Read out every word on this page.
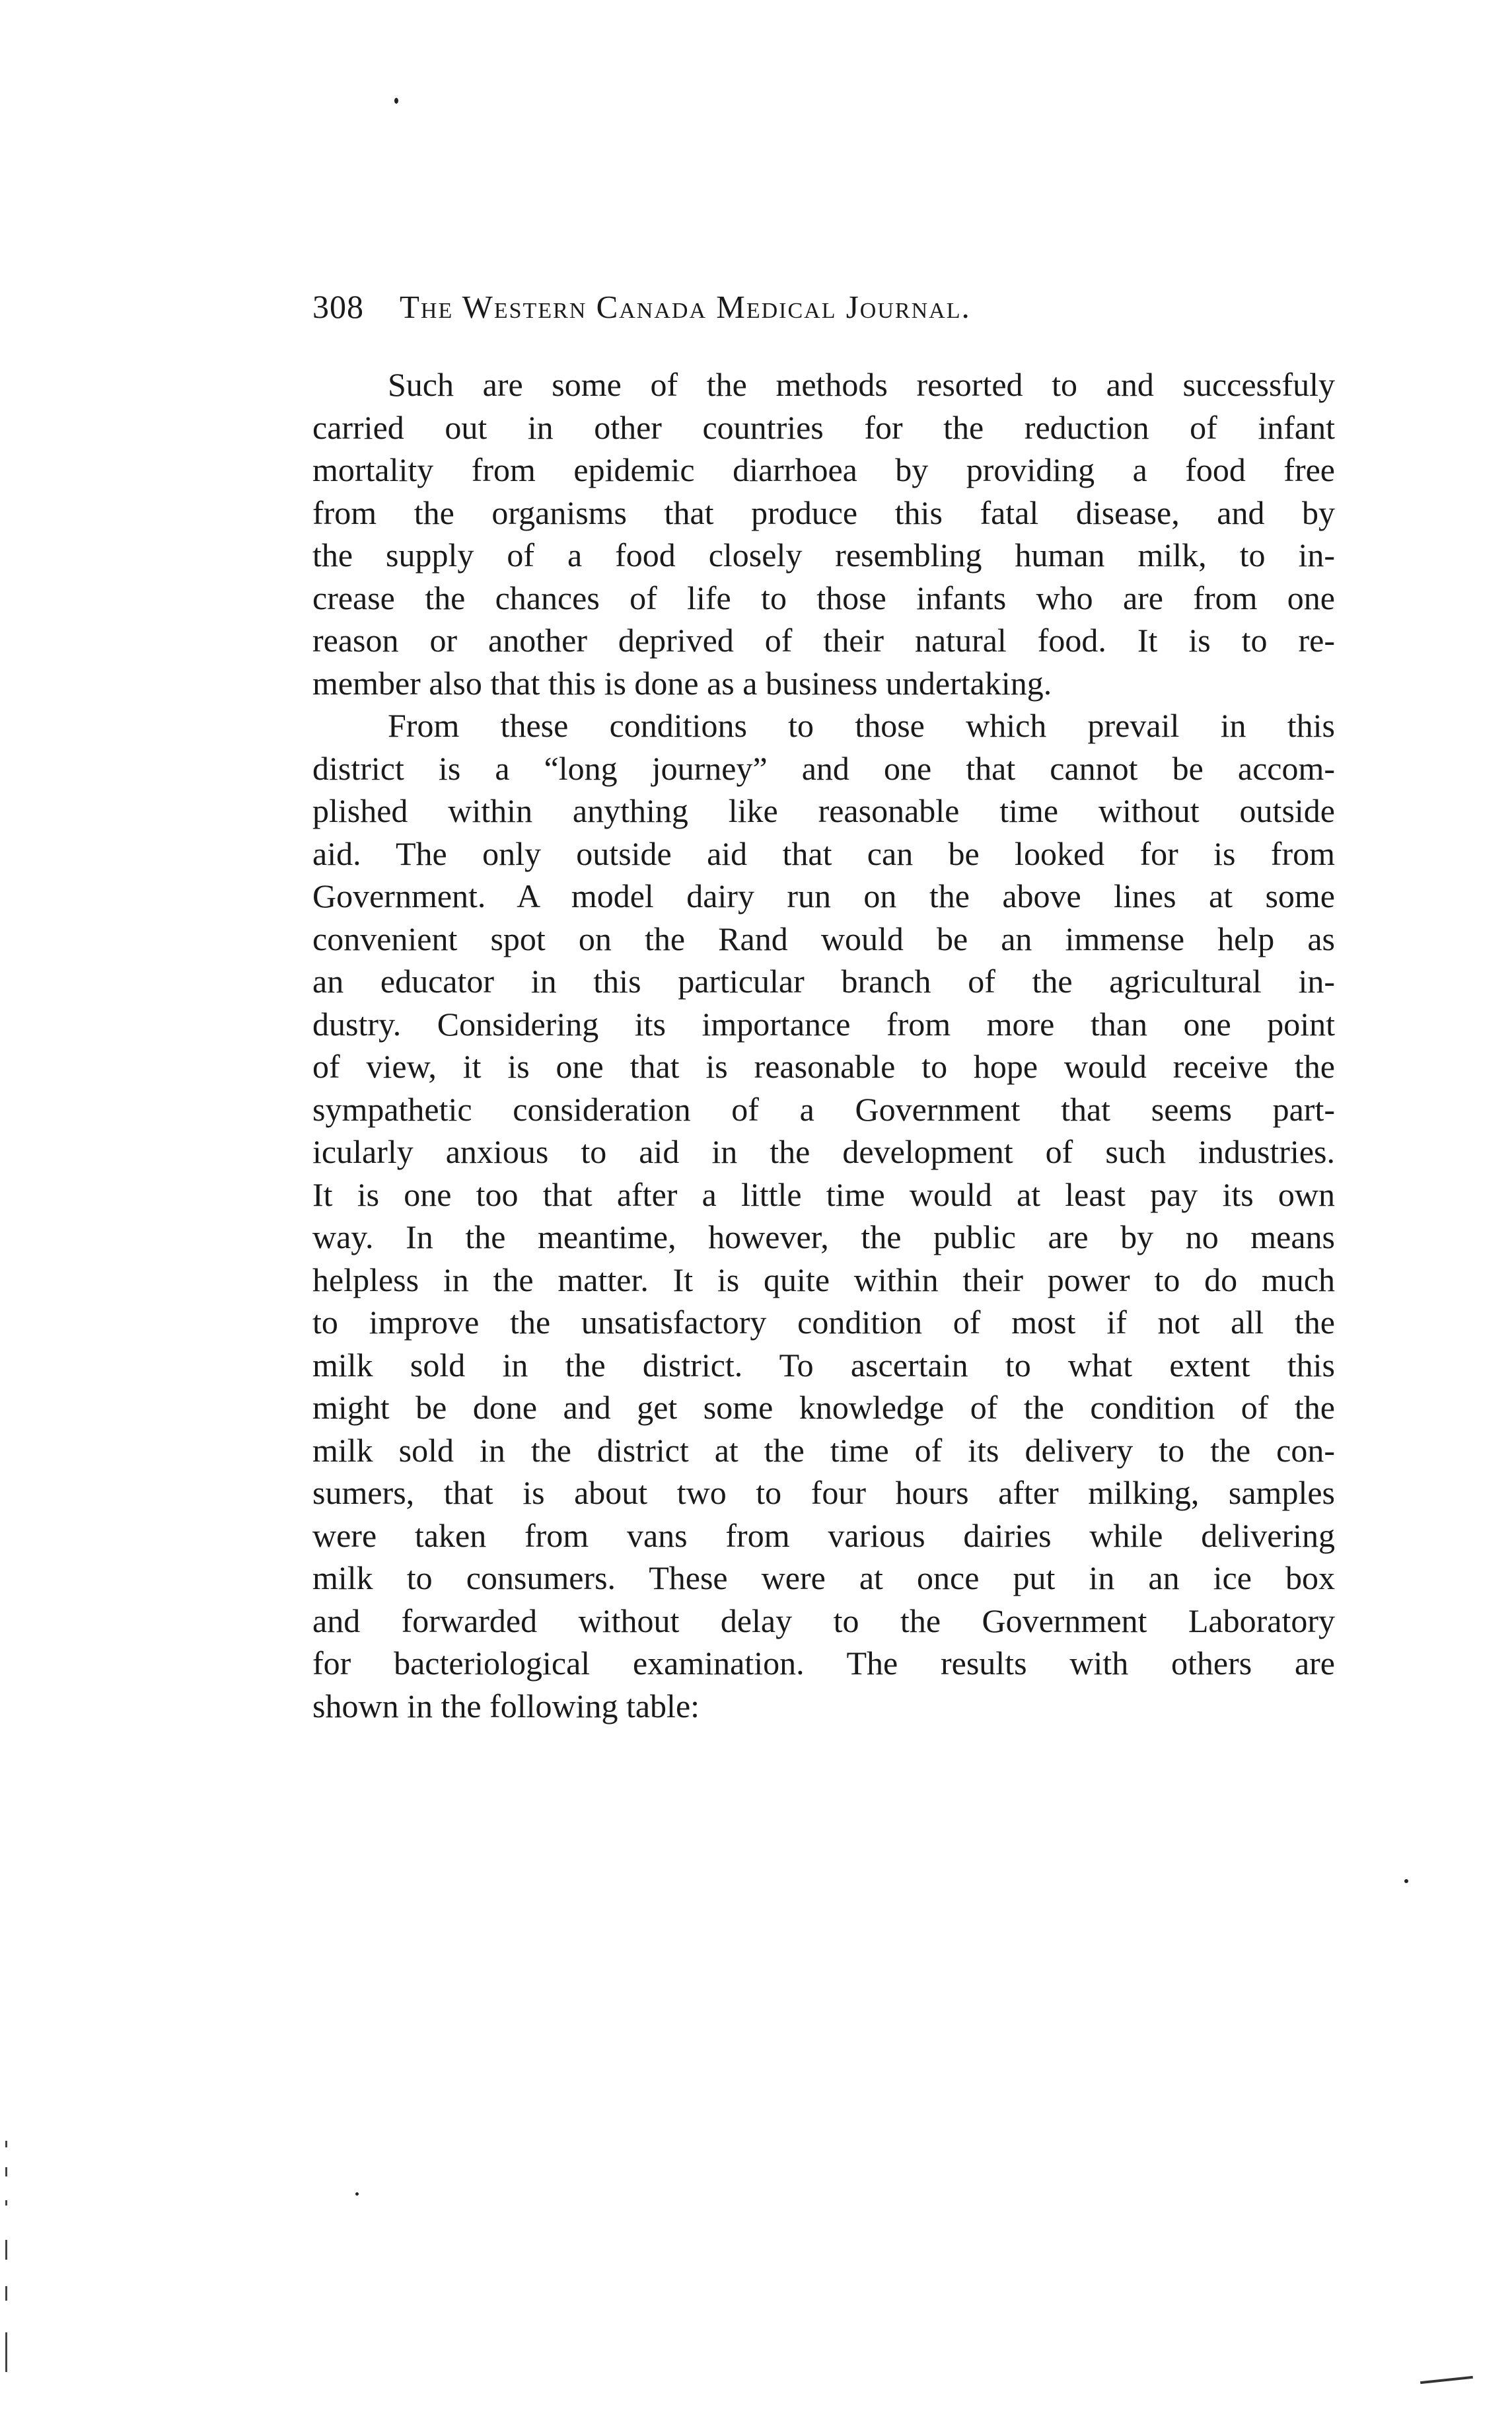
308 The Western Canada Medical Journal.
Such are some of the methods resorted to and successfuly
carried out in other countries for the reduction of infant
mortality from epidemic diarrhoea by providing a food free
from the organisms that produce this fatal disease, and by
the supply of a food closely resembling human milk, to in-
crease the chances of life to those infants who are from one
reason or another deprived of their natural food. It is to re-
member also that this is done as a business undertaking.
From these conditions to those which prevail in this
district is a “long journey” and one that cannot be accom-
plished within anything like reasonable time without outside
aid. The only outside aid that can be looked for is from
Government. A model dairy run on the above lines at some
convenient spot on the Rand would be an immense help as
an educator in this particular branch of the agricultural in-
dustry. Considering its importance from more than one point
of view, it is one that is reasonable to hope would receive the
sympathetic consideration of a Government that seems part-
icularly anxious to aid in the development of such industries.
It is one too that after a little time would at least pay its own
way. In the meantime, however, the public are by no means
helpless in the matter. It is quite within their power to do much
to improve the unsatisfactory condition of most if not all the
milk sold in the district. To ascertain to what extent this
might be done and get some knowledge of the condition of the
milk sold in the district at the time of its delivery to the con-
sumers, that is about two to four hours after milking, samples
were taken from vans from various dairies while delivering
milk to consumers. These were at once put in an ice box
and forwarded without delay to the Government Laboratory
for bacteriological examination. The results with others are
shown in the following table:
